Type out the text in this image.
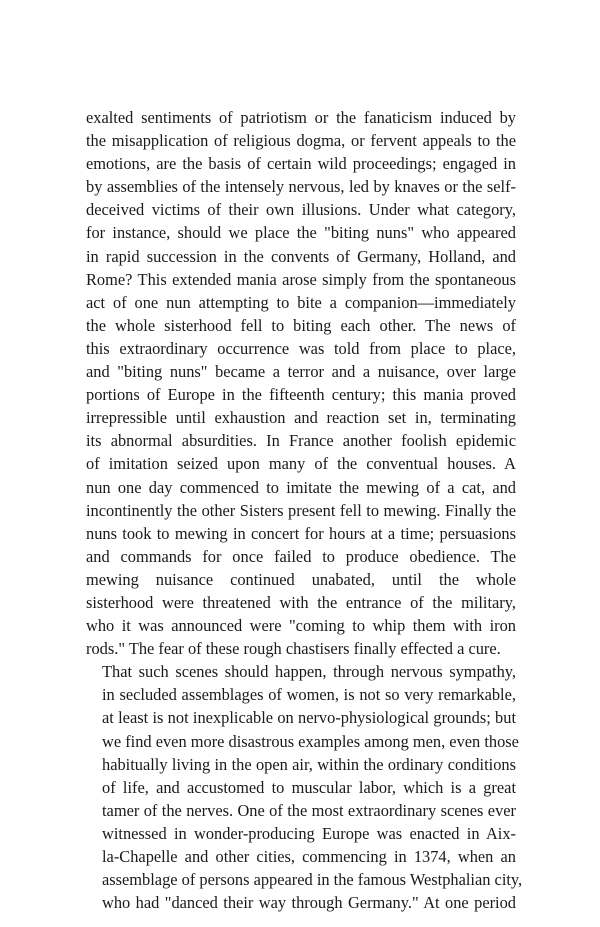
exalted sentiments of patriotism or the fanaticism induced by
the misapplication of religious dogma, or fervent appeals to the
emotions, are the basis of certain wild proceedings; engaged in
by assemblies of the intensely nervous, led by knaves or the self-
deceived victims of their own illusions. Under what category,
for instance, should we place the "biting nuns" who appeared
in rapid succession in the convents of Germany, Holland, and
Rome? This extended mania arose simply from the spontaneous
act of one nun attempting to bite a companion—immediately
the whole sisterhood fell to biting each other. The news of
this extraordinary occurrence was told from place to place,
and "biting nuns" became a terror and a nuisance, over large
portions of Europe in the fifteenth century; this mania proved
irrepressible until exhaustion and reaction set in, terminating
its abnormal absurdities. In France another foolish epidemic
of imitation seized upon many of the conventual houses. A
nun one day commenced to imitate the mewing of a cat, and
incontinently the other Sisters present fell to mewing. Finally the
nuns took to mewing in concert for hours at a time; persuasions
and commands for once failed to produce obedience. The
mewing nuisance continued unabated, until the whole
sisterhood were threatened with the entrance of the military,
who it was announced were "coming to whip them with iron
rods." The fear of these rough chastisers finally effected a cure.
That such scenes should happen, through nervous sympathy,
in secluded assemblages of women, is not so very remarkable,
at least is not inexplicable on nervo-physiological grounds; but
we find even more disastrous examples among men, even those
habitually living in the open air, within the ordinary conditions
of life, and accustomed to muscular labor, which is a great
tamer of the nerves. One of the most extraordinary scenes ever
witnessed in wonder-producing Europe was enacted in Aix-
la-Chapelle and other cities, commencing in 1374, when an
assemblage of persons appeared in the famous Westphalian city,
who had "danced their way through Germany." At one period
